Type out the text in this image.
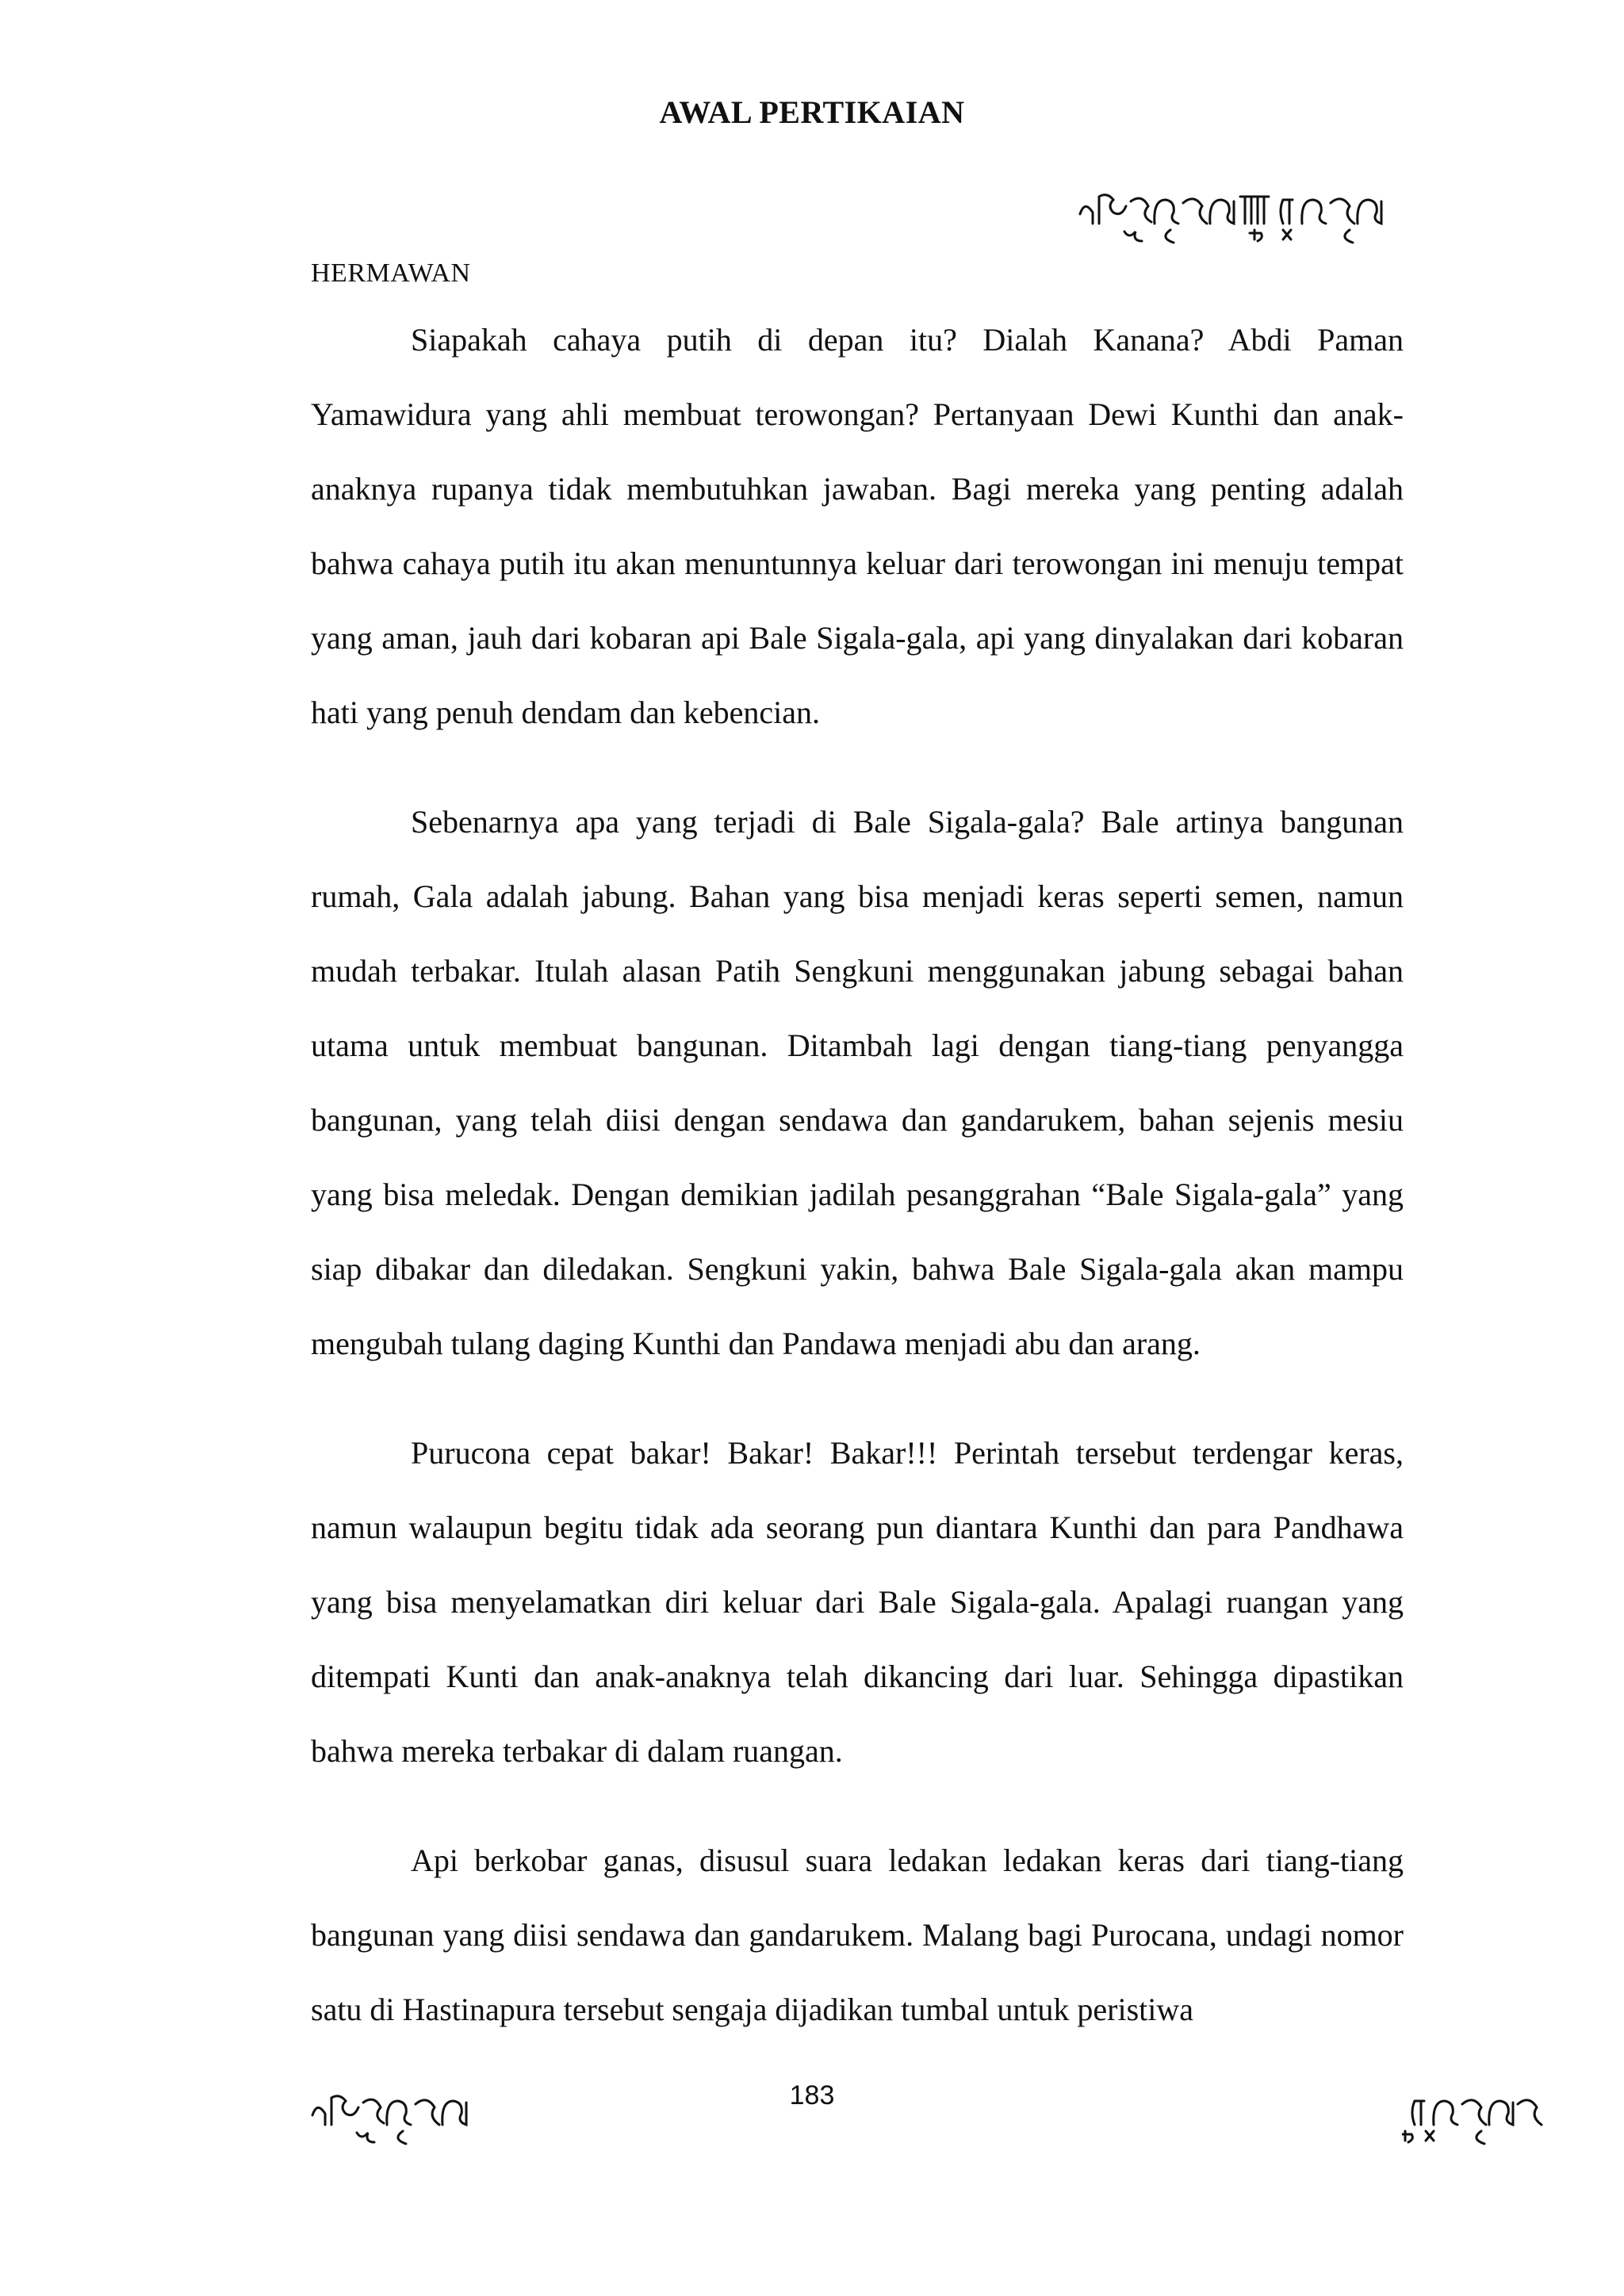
AWAL PERTIKAIAN
HERMAWAN

Siapakah cahaya putih di depan itu? Dialah Kanana? Abdi Paman Yamawidura yang ahli membuat terowongan? Pertanyaan Dewi Kunthi dan anak-anaknya rupanya tidak membutuhkan jawaban. Bagi mereka yang penting adalah bahwa cahaya putih itu akan menuntunnya keluar dari terowongan ini menuju tempat yang aman, jauh dari kobaran api Bale Sigala-gala, api yang dinyalakan dari kobaran hati yang penuh dendam dan kebencian.

Sebenarnya apa yang terjadi di Bale Sigala-gala? Bale artinya bangunan rumah, Gala adalah jabung. Bahan yang bisa menjadi keras seperti semen, namun mudah terbakar. Itulah alasan Patih Sengkuni menggunakan jabung sebagai bahan utama untuk membuat bangunan. Ditambah lagi dengan tiang-tiang penyangga bangunan, yang telah diisi dengan sendawa dan gandarukem, bahan sejenis mesiu yang bisa meledak. Dengan demikian jadilah pesanggrahan “Bale Sigala-gala” yang siap dibakar dan diledakan. Sengkuni yakin, bahwa Bale Sigala-gala akan mampu mengubah tulang daging Kunthi dan Pandawa menjadi abu dan arang.

Purucona cepat bakar! Bakar! Bakar!!! Perintah tersebut terdengar keras, namun walaupun begitu tidak ada seorang pun diantara Kunthi dan para Pandhawa yang bisa menyelamatkan diri keluar dari Bale Sigala-gala. Apalagi ruangan yang ditempati Kunti dan anak-anaknya telah dikancing dari luar. Sehingga dipastikan bahwa mereka terbakar di dalam ruangan.

Api berkobar ganas, disusul suara ledakan ledakan keras dari tiang-tiang bangunan yang diisi sendawa dan gandarukem. Malang bagi Purocana, undagi nomor satu di Hastinapura tersebut sengaja dijadikan tumbal untuk peristiwa

183
